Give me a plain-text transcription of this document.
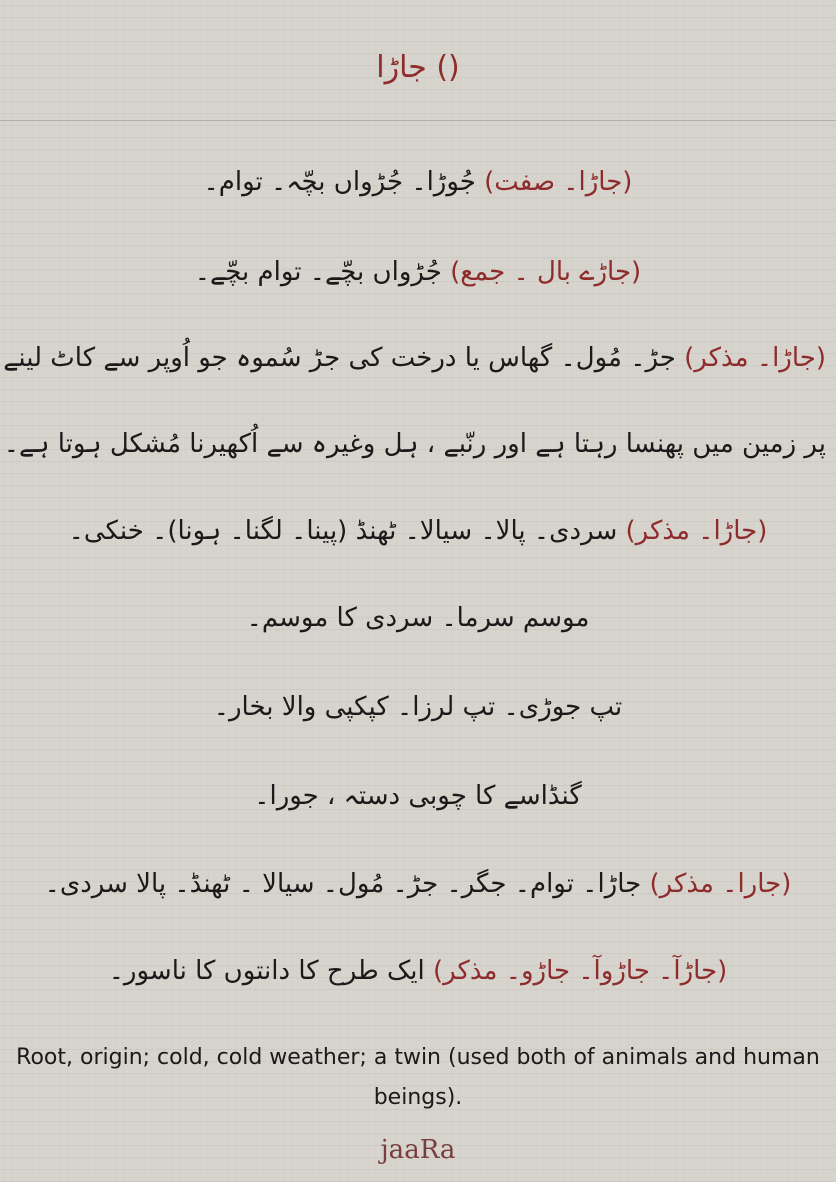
جاڑا ()
(جاڑا۔ صفت) جُوڑا۔ جُڑواں بچّہ۔ توام۔
(جاڑے بال ۔ جمع) جُڑواں بچّے۔ توام بچّے۔
(جاڑا۔ مذکر) جڑ۔ مُول۔ گھاس یا درخت کی جڑ سُموہ جو اُوپر سے کاٹ لینے
پر زمین میں پھنسا رہتا ہے اور رنّبے ، ہل وغیرہ سے اُکھیرنا مُشکل ہوتا ہے۔
(جاڑا۔ مذکر) سردی۔ پالا۔ سیالا۔ ٹھنڈ (پینا۔ لگنا۔ ہونا)۔ خنکی۔
موسم سرما۔ سردی کا موسم۔
تپ جوڑی۔ تپ لرزا۔ کپکپی والا بخار۔
گنڈاسے کا چوبی دستہ ، جورا۔
(جارا۔ مذکر) جاڑا۔ توام۔ جگر۔ جڑ۔ مُول۔ سیالا ۔ ٹھنڈ۔ پالا سردی۔
(جاڑآ۔ جاڑوآ۔ جاڑو۔ مذکر) ایک طرح کا دانتوں کا ناسور۔
Root, origin; cold, cold weather; a twin (used both of animals and human beings).
jaaRa
